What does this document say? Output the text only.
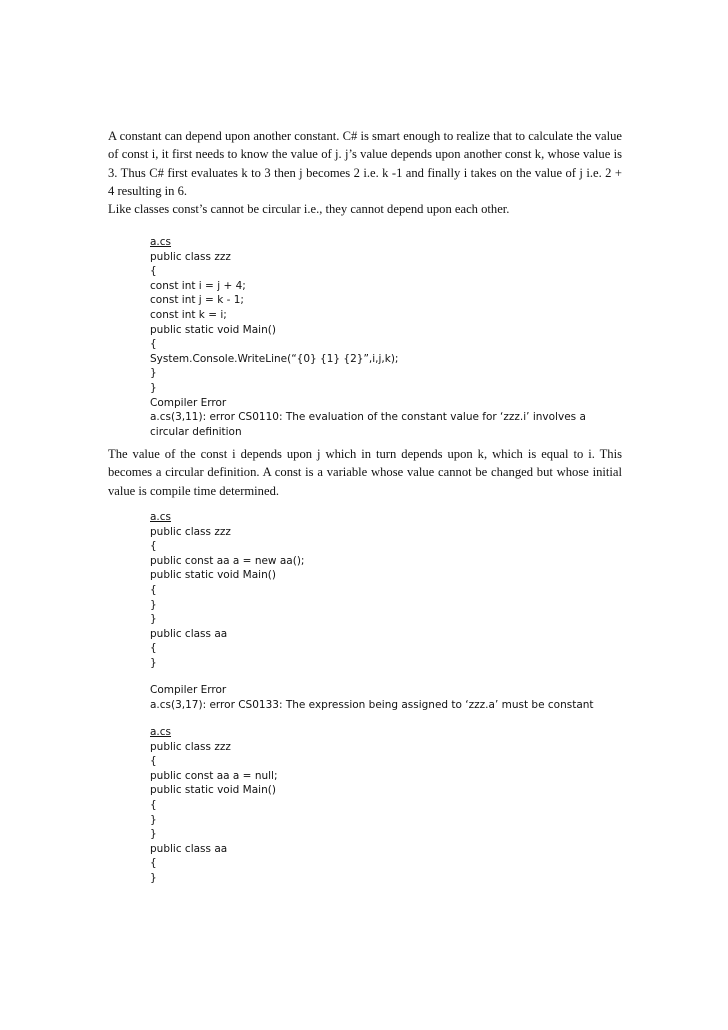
A constant can depend upon another constant. C# is smart enough to realize that to calculate the value of const i, it first needs to know the value of j. j’s value depends upon another const k, whose value is 3. Thus C# first evaluates k to 3 then j becomes 2 i.e. k -1 and finally i takes on the value of j i.e. 2 + 4 resulting in 6.

Like classes const’s cannot be circular i.e., they cannot depend upon each other.

a.cs
public class zzz
{
const int i = j + 4;
const int j = k - 1;
const int k = i;
public static void Main()
{
System.Console.WriteLine(“{0} {1} {2}”,i,j,k);
}
}
Compiler Error
a.cs(3,11): error CS0110: The evaluation of the constant value for ‘zzz.i’ involves a
circular definition

The value of the const i depends upon j which in turn depends upon k, which is equal to i. This becomes a circular definition. A const is a variable whose value cannot be changed but whose initial value is compile time determined.

a.cs
public class zzz
{
public const aa a = new aa();
public static void Main()
{
}
}
public class aa
{
}
Compiler Error
a.cs(3,17): error CS0133: The expression being assigned to ‘zzz.a’ must be constant
a.cs
public class zzz
{
public const aa a = null;
public static void Main()
{
}
}
public class aa
{
}
